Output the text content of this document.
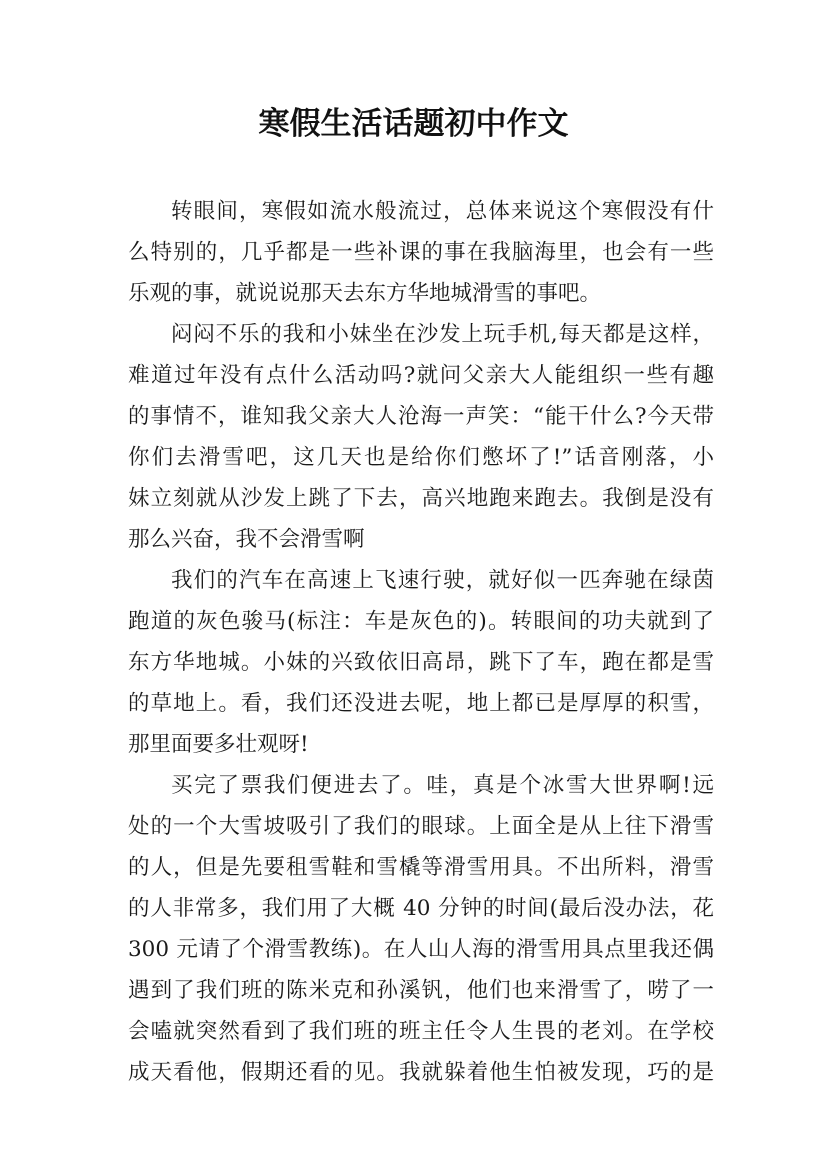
寒假生活话题初中作文
转眼间，寒假如流水般流过，总体来说这个寒假没有什
么特别的，几乎都是一些补课的事在我脑海里，也会有一些
乐观的事，就说说那天去东方华地城滑雪的事吧。
闷闷不乐的我和小妹坐在沙发上玩手机,每天都是这样，
难道过年没有点什么活动吗?就问父亲大人能组织一些有趣
的事情不，谁知我父亲大人沧海一声笑：“能干什么?今天带
你们去滑雪吧，这几天也是给你们憋坏了!”话音刚落，小
妹立刻就从沙发上跳了下去，高兴地跑来跑去。我倒是没有
那么兴奋，我不会滑雪啊
我们的汽车在高速上飞速行驶，就好似一匹奔驰在绿茵
跑道的灰色骏马(标注：车是灰色的)。转眼间的功夫就到了
东方华地城。小妹的兴致依旧高昂，跳下了车，跑在都是雪
的草地上。看，我们还没进去呢，地上都已是厚厚的积雪，
那里面要多壮观呀!
买完了票我们便进去了。哇，真是个冰雪大世界啊!远
处的一个大雪坡吸引了我们的眼球。上面全是从上往下滑雪
的人，但是先要租雪鞋和雪橇等滑雪用具。不出所料，滑雪
的人非常多，我们用了大概 40 分钟的时间(最后没办法，花
300 元请了个滑雪教练)。在人山人海的滑雪用具点里我还偶
遇到了我们班的陈米克和孙溪钒，他们也来滑雪了，唠了一
会嗑就突然看到了我们班的班主任令人生畏的老刘。在学校
成天看他，假期还看的见。我就躲着他生怕被发现，巧的是
